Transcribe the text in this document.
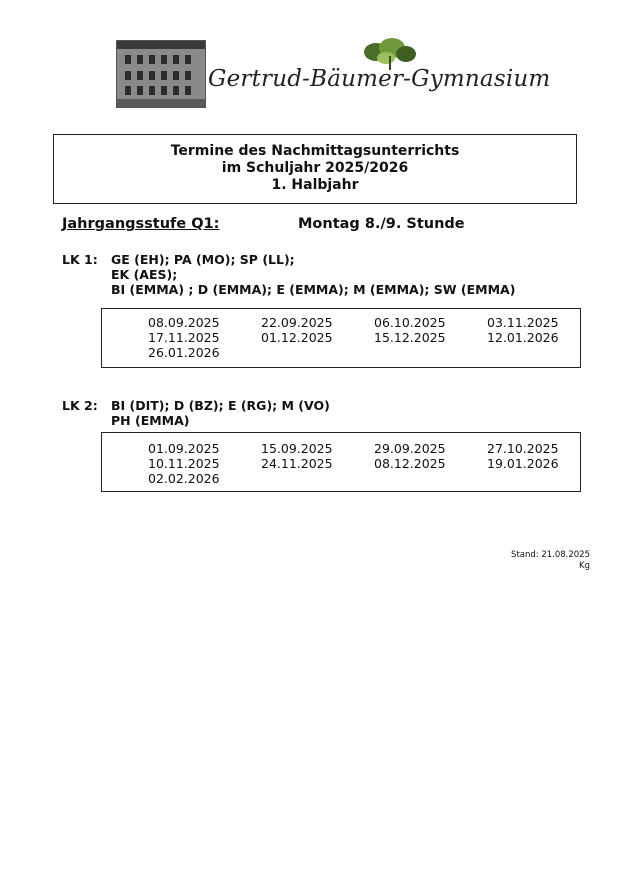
Gertrud-Bäumer-Gymnasium
Termine des Nachmittagsunterrichts
im Schuljahr 2025/2026
1. Halbjahr
Jahrgangsstufe Q1:	Montag 8./9. Stunde
LK 1: GE (EH); PA (MO); SP (LL);
EK (AES);
BI (EMMA) ; D (EMMA); E (EMMA); M (EMMA); SW (EMMA)
08.09.2025	22.09.2025	06.10.2025	03.11.2025
17.11.2025	01.12.2025	15.12.2025	12.01.2026
26.01.2026
LK 2: BI (DIT); D (BZ); E (RG); M (VO)
PH (EMMA)
01.09.2025	15.09.2025	29.09.2025	27.10.2025
10.11.2025	24.11.2025	08.12.2025	19.01.2026
02.02.2026
Stand: 21.08.2025
Kg
